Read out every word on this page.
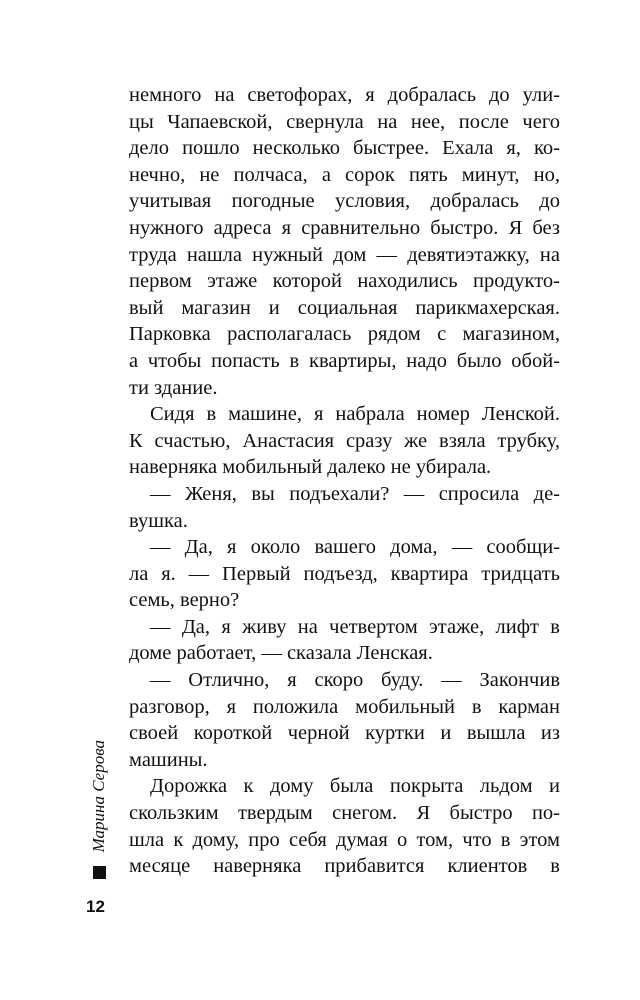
немного на светофорах, я добралась до ули-
цы Чапаевской, свернула на нее, после чего
дело пошло несколько быстрее. Ехала я, ко-
нечно, не полчаса, а сорок пять минут, но,
учитывая погодные условия, добралась до
нужного адреса я сравнительно быстро. Я без
труда нашла нужный дом — девятиэтажку, на
первом этаже которой находились продукто-
вый магазин и социальная парикмахерская.
Парковка располагалась рядом с магазином,
а чтобы попасть в квартиры, надо было обой-
ти здание.
Сидя в машине, я набрала номер Ленской.
К счастью, Анастасия сразу же взяла трубку,
наверняка мобильный далеко не убирала.
— Женя, вы подъехали? — спросила де-
вушка.
— Да, я около вашего дома, — сообщи-
ла я. — Первый подъезд, квартира тридцать
семь, верно?
— Да, я живу на четвертом этаже, лифт в
доме работает, — сказала Ленская.
— Отлично, я скоро буду. — Закончив
разговор, я положила мобильный в карман
своей короткой черной куртки и вышла из
машины.
Дорожка к дому была покрыта льдом и
скользким твердым снегом. Я быстро по-
шла к дому, про себя думая о том, что в этом
месяце наверняка прибавится клиентов в
Марина Серова
12
